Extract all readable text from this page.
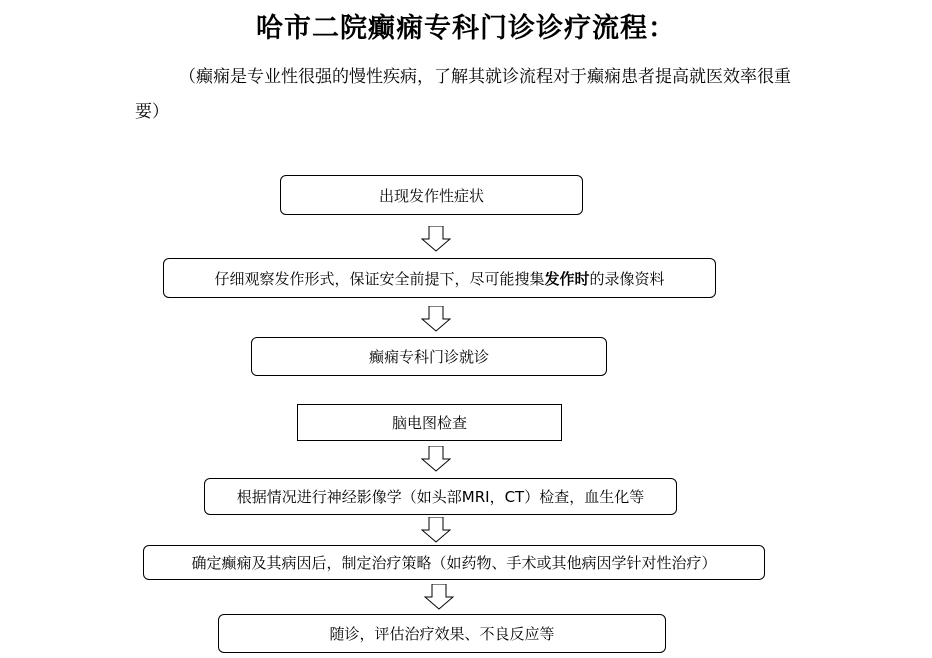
哈市二院癫痫专科门诊诊疗流程：
（癫痫是专业性很强的慢性疾病，了解其就诊流程对于癫痫患者提高就医效率很重要）
出现发作性症状
仔细观察发作形式，保证安全前提下，尽可能搜集发作时的录像资料
癫痫专科门诊就诊
脑电图检查
根据情况进行神经影像学（如头部MRI，CT）检查，血生化等
确定癫痫及其病因后，制定治疗策略（如药物、手术或其他病因学针对性治疗）
随诊，评估治疗效果、不良反应等
